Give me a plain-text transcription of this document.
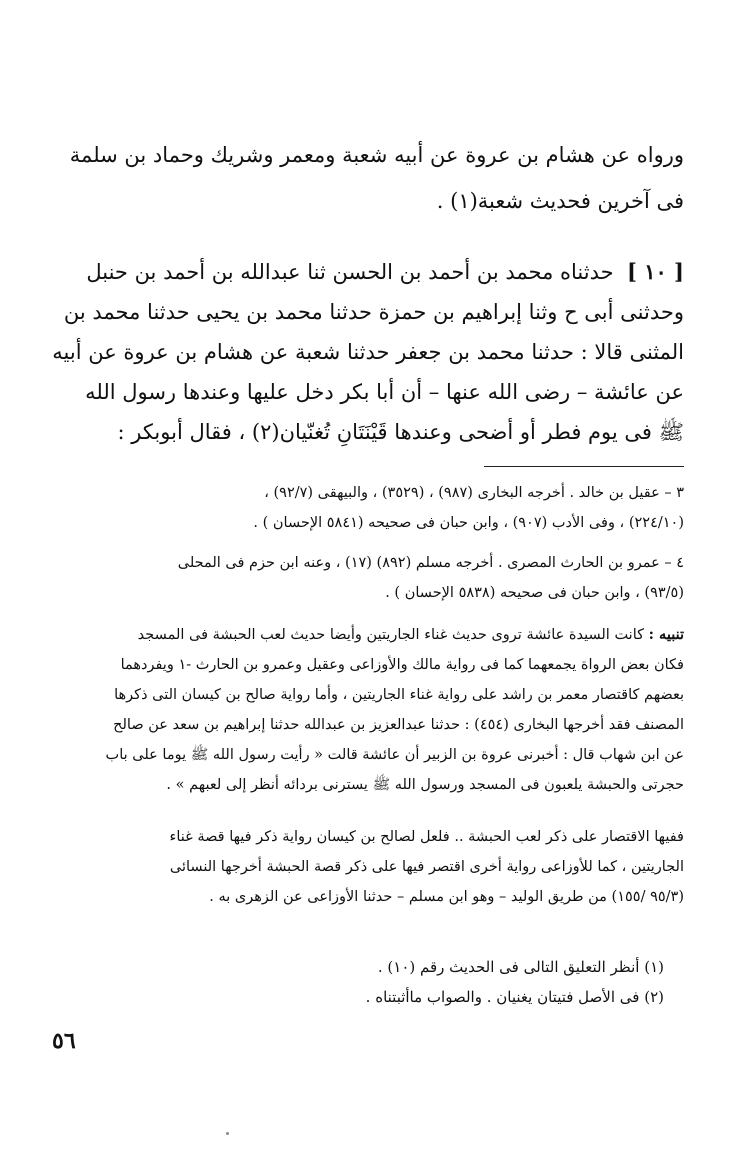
ورواه عن هشام بن عروة عن أبيه شعبة ومعمر وشريك وحماد بن سلمة
فى آخرين فحديث شعبة(١) .
[ ١٠ ]  حدثناه محمد بن أحمد بن الحسن ثنا عبدالله بن أحمد بن حنبل
وحدثنى أبى ح وثنا إبراهيم بن حمزة حدثنا محمد بن يحيى حدثنا محمد بن
المثنى قالا : حدثنا محمد بن جعفر حدثنا شعبة عن هشام بن عروة عن أبيه
عن عائشة – رضى الله عنها – أن أبا بكر دخل عليها وعندها رسول الله
ﷺ فى يوم فطر أو أضحى وعندها قَيْنَتَانِ تُغنّيان(٢) ، فقال أبوبكر :
٣ – عقيل بن خالد . أخرجه البخارى (٩٨٧) ، (٣٥٢٩) ، والبيهقى (٩٢/٧) ،
(٢٢٤/١٠) ، وفى الأدب (٩٠٧) ، وابن حبان فى صحيحه (٥٨٤١ الإحسان ) .
٤ – عمرو بن الحارث المصرى . أخرجه مسلم (٨٩٢) (١٧) ، وعنه ابن حزم فى المحلى
(٩٣/٥) ، وابن حبان فى صحيحه (٥٨٣٨ الإحسان ) .
تنبيه : كانت السيدة عائشة تروى حديث غناء الجاريتين وأيضا حديث لعب الحبشة فى المسجد
فكان بعض الرواة يجمعهما كما فى رواية مالك والأوزاعى وعقيل وعمرو بن الحارث -١ ويفردهما
بعضهم كاقتصار معمر بن راشد على رواية غناء الجاريتين ، وأما رواية صالح بن كيسان التى ذكرها
المصنف فقد أخرجها البخارى (٤٥٤) : حدثنا عبدالعزيز بن عبدالله حدثنا إبراهيم بن سعد عن صالح
عن ابن شهاب قال : أخبرنى عروة بن الزبير أن عائشة قالت « رأيت رسول الله ﷺ يوما على باب
حجرتى والحبشة يلعبون فى المسجد ورسول الله ﷺ يسترنى بردائه أنظر إلى لعبهم » .
ففيها الاقتصار على ذكر لعب الحبشة .. فلعل لصالح بن كيسان رواية ذكر فيها قصة غناء
الجاريتين ، كما للأوزاعى رواية أخرى اقتصر فيها على ذكر قصة الحبشة أخرجها النسائى
(٩٥/٣ /١٥٥) من طريق الوليد – وهو ابن مسلم – حدثنا الأوزاعى عن الزهرى به .
(١) أنظر التعليق التالى فى الحديث رقم (١٠) .
(٢) فى الأصل فتيتان يغنيان . والصواب ماأثبتناه .
٥٦
